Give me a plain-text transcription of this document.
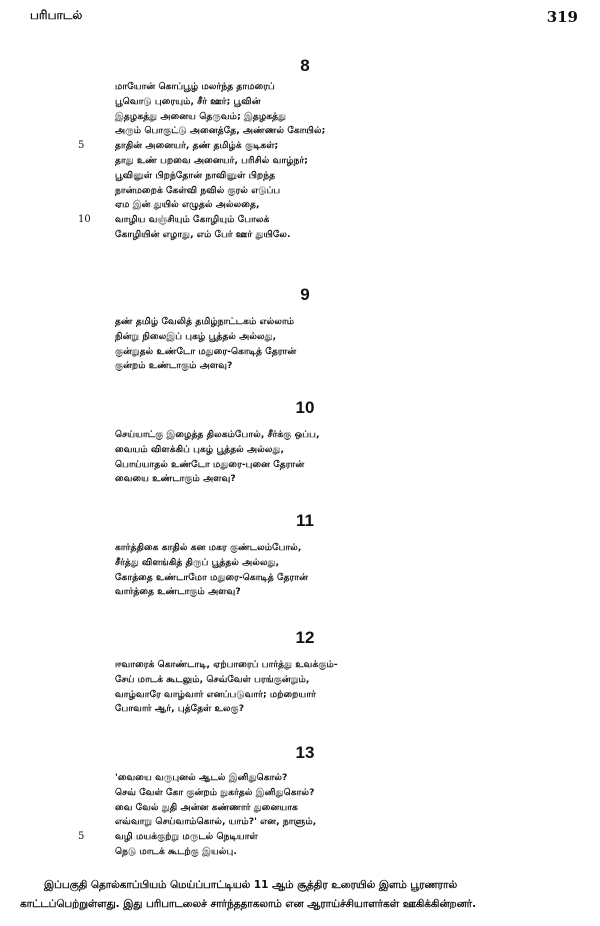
பரிபாடல்	319
8
மாயோன் கொப்பூழ் மலர்ந்த தாமரைப்
பூவொடு புரையும், சீர் ஊர்; பூவின்
இதழகத்து அனைய தெருவம்; இதழகத்து
அரும் பொகுட்டு அனைத்தே, அண்ணல் கோயில்;
5	தாதின் அனையர், தண் தமிழ்க் குடிகள்;
தாது உண் பறவை அனையர், பரிசில் வாழ்நர்;
பூவினுள் பிறந்தோன் நாவினுள் பிறந்த
நான்மறைக் கேள்வி நவில் குரல் எடுப்ப
ஏம இன் துயில் எழுதல் அல்லதை,
10	வாழிய வஞ்சியும் கோழியும் போலக்
கோழியின் எழாது, எம் பேர் ஊர் துயிலே.
9
தண் தமிழ் வேலித் தமிழ்நாட்டகம் எல்லாம்
நின்று நிலைஇப் புகழ் பூத்தல் அல்லது,
குன்றுதல் உண்டோ மதுரை-கொடித் தேரான்
குன்றம் உண்டாகும் அளவு?
10
செய்யாட்கு இழைத்த திலகம்போல், சீர்க்கு ஒப்ப,
வையம் விளக்கிப் புகழ் பூத்தல் அல்லது,
பொய்யாதல் உண்டோ மதுரை-புனை தேரான்
வையை உண்டாகும் அளவு?
11
கார்த்திகை காதில் கன மகர குண்டலம்போல்,
சீர்த்து விளங்கித் திருப் பூத்தல் அல்லது,
கோத்தை உண்டாமோ மதுரை-கொடித் தேரான்
வார்த்தை உண்டாகும் அளவு?
12
ஈவாரைக் கொண்டாடி, ஏற்பாரைப் பார்த்து உவக்கும்-
சேய் மாடக் கூடலும், செவ்வேள் பரங்குன்றும்,
வாழ்வாரே வாழ்வார் எனப்படுவார்; மற்றையார்
போவார் ஆர், புத்தேள் உலகு?
13
'வையை வருபுனல் ஆடல் இனிதுகொல்?
செவ் வேள் கோ குன்றம் நுகர்தல் இனிதுகொல்?
வை வேல் நுதி அன்ன கண்ணார் துனையாக
எவ்வாறு செய்வாம்கொல், யாம்?' என, நாளும்,
5	வழி மயக்குற்று மருடல் நெடியாள்
நெடு மாடக் கூடற்கு இயல்பு.

இப்பகுதி தொல்காப்பியம் மெய்ப்பாட்டியல் 11 ஆம் சூத்திர உரையில் இளம் பூரணரால்

காட்டப்பெற்றுள்ளது. இது பரிபாடலைச் சார்ந்ததாகலாம் என ஆராய்ச்சியாளர்கள் ஊகிக்கின்றனர்.
